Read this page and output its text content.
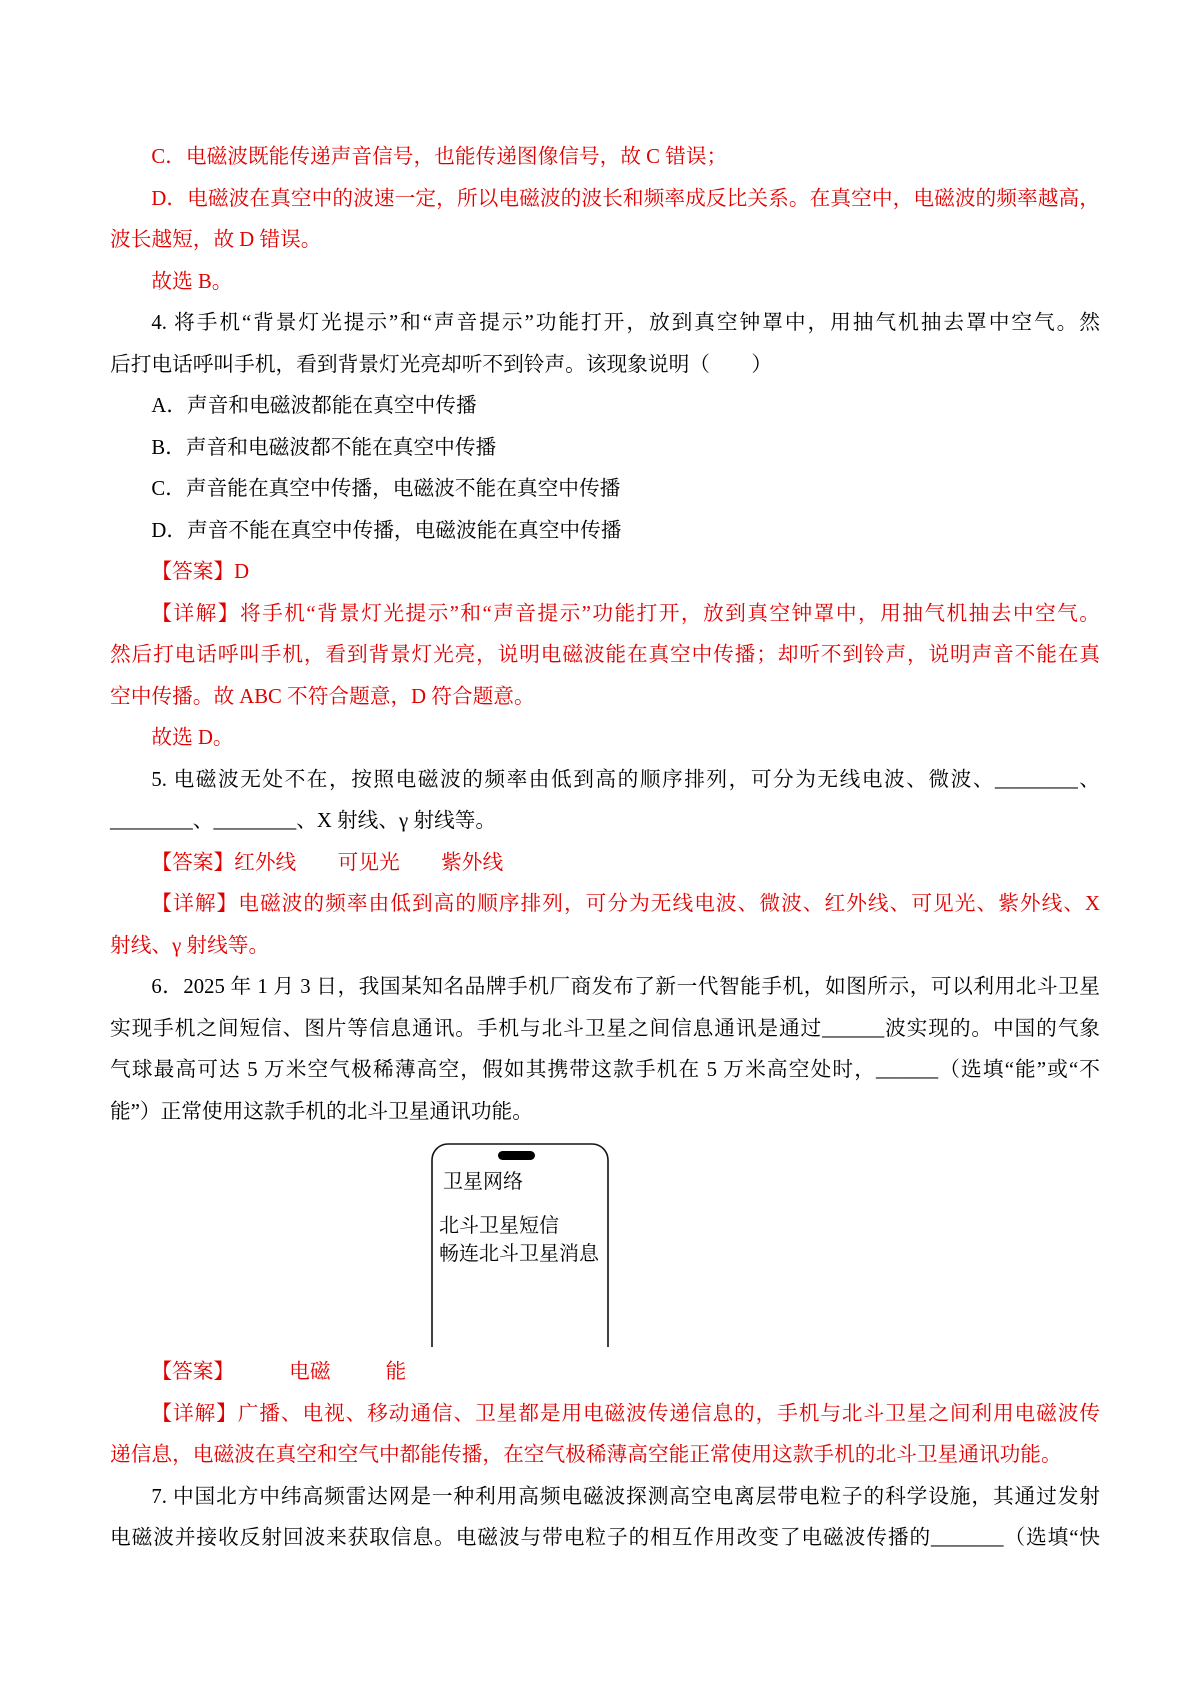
C．电磁波既能传递声音信号，也能传递图像信号，故 C 错误；
D．电磁波在真空中的波速一定，所以电磁波的波长和频率成反比关系。在真空中，电磁波的频率越高，
波长越短，故 D 错误。
故选 B。
4. 将手机“背景灯光提示”和“声音提示”功能打开，放到真空钟罩中，用抽气机抽去罩中空气。然
后打电话呼叫手机，看到背景灯光亮却听不到铃声。该现象说明（　　）
A．声音和电磁波都能在真空中传播
B．声音和电磁波都不能在真空中传播
C．声音能在真空中传播，电磁波不能在真空中传播
D．声音不能在真空中传播，电磁波能在真空中传播
【答案】D
【详解】将手机“背景灯光提示”和“声音提示”功能打开，放到真空钟罩中，用抽气机抽去中空气。
然后打电话呼叫手机，看到背景灯光亮，说明电磁波能在真空中传播；却听不到铃声，说明声音不能在真
空中传播。故 ABC 不符合题意，D 符合题意。
故选 D。
5. 电磁波无处不在，按照电磁波的频率由低到高的顺序排列，可分为无线电波、微波、________、
________、________、X 射线、γ 射线等。
【答案】红外线 可见光 紫外线
【详解】电磁波的频率由低到高的顺序排列，可分为无线电波、微波、红外线、可见光、紫外线、X
射线、γ 射线等。
6．2025 年 1 月 3 日，我国某知名品牌手机厂商发布了新一代智能手机，如图所示，可以利用北斗卫星
实现手机之间短信、图片等信息通讯。手机与北斗卫星之间信息通讯是通过______波实现的。中国的气象
气球最高可达 5 万米空气极稀薄高空，假如其携带这款手机在 5 万米高空处时，______（选填“能”或“不
能”）正常使用这款手机的北斗卫星通讯功能。
卫星网络
北斗卫星短信
畅连北斗卫星消息
【答案】	电磁	能
【详解】广播、电视、移动通信、卫星都是用电磁波传递信息的，手机与北斗卫星之间利用电磁波传
递信息，电磁波在真空和空气中都能传播，在空气极稀薄高空能正常使用这款手机的北斗卫星通讯功能。
7. 中国北方中纬高频雷达网是一种利用高频电磁波探测高空电离层带电粒子的科学设施，其通过发射
电磁波并接收反射回波来获取信息。电磁波与带电粒子的相互作用改变了电磁波传播的_______（选填“快
